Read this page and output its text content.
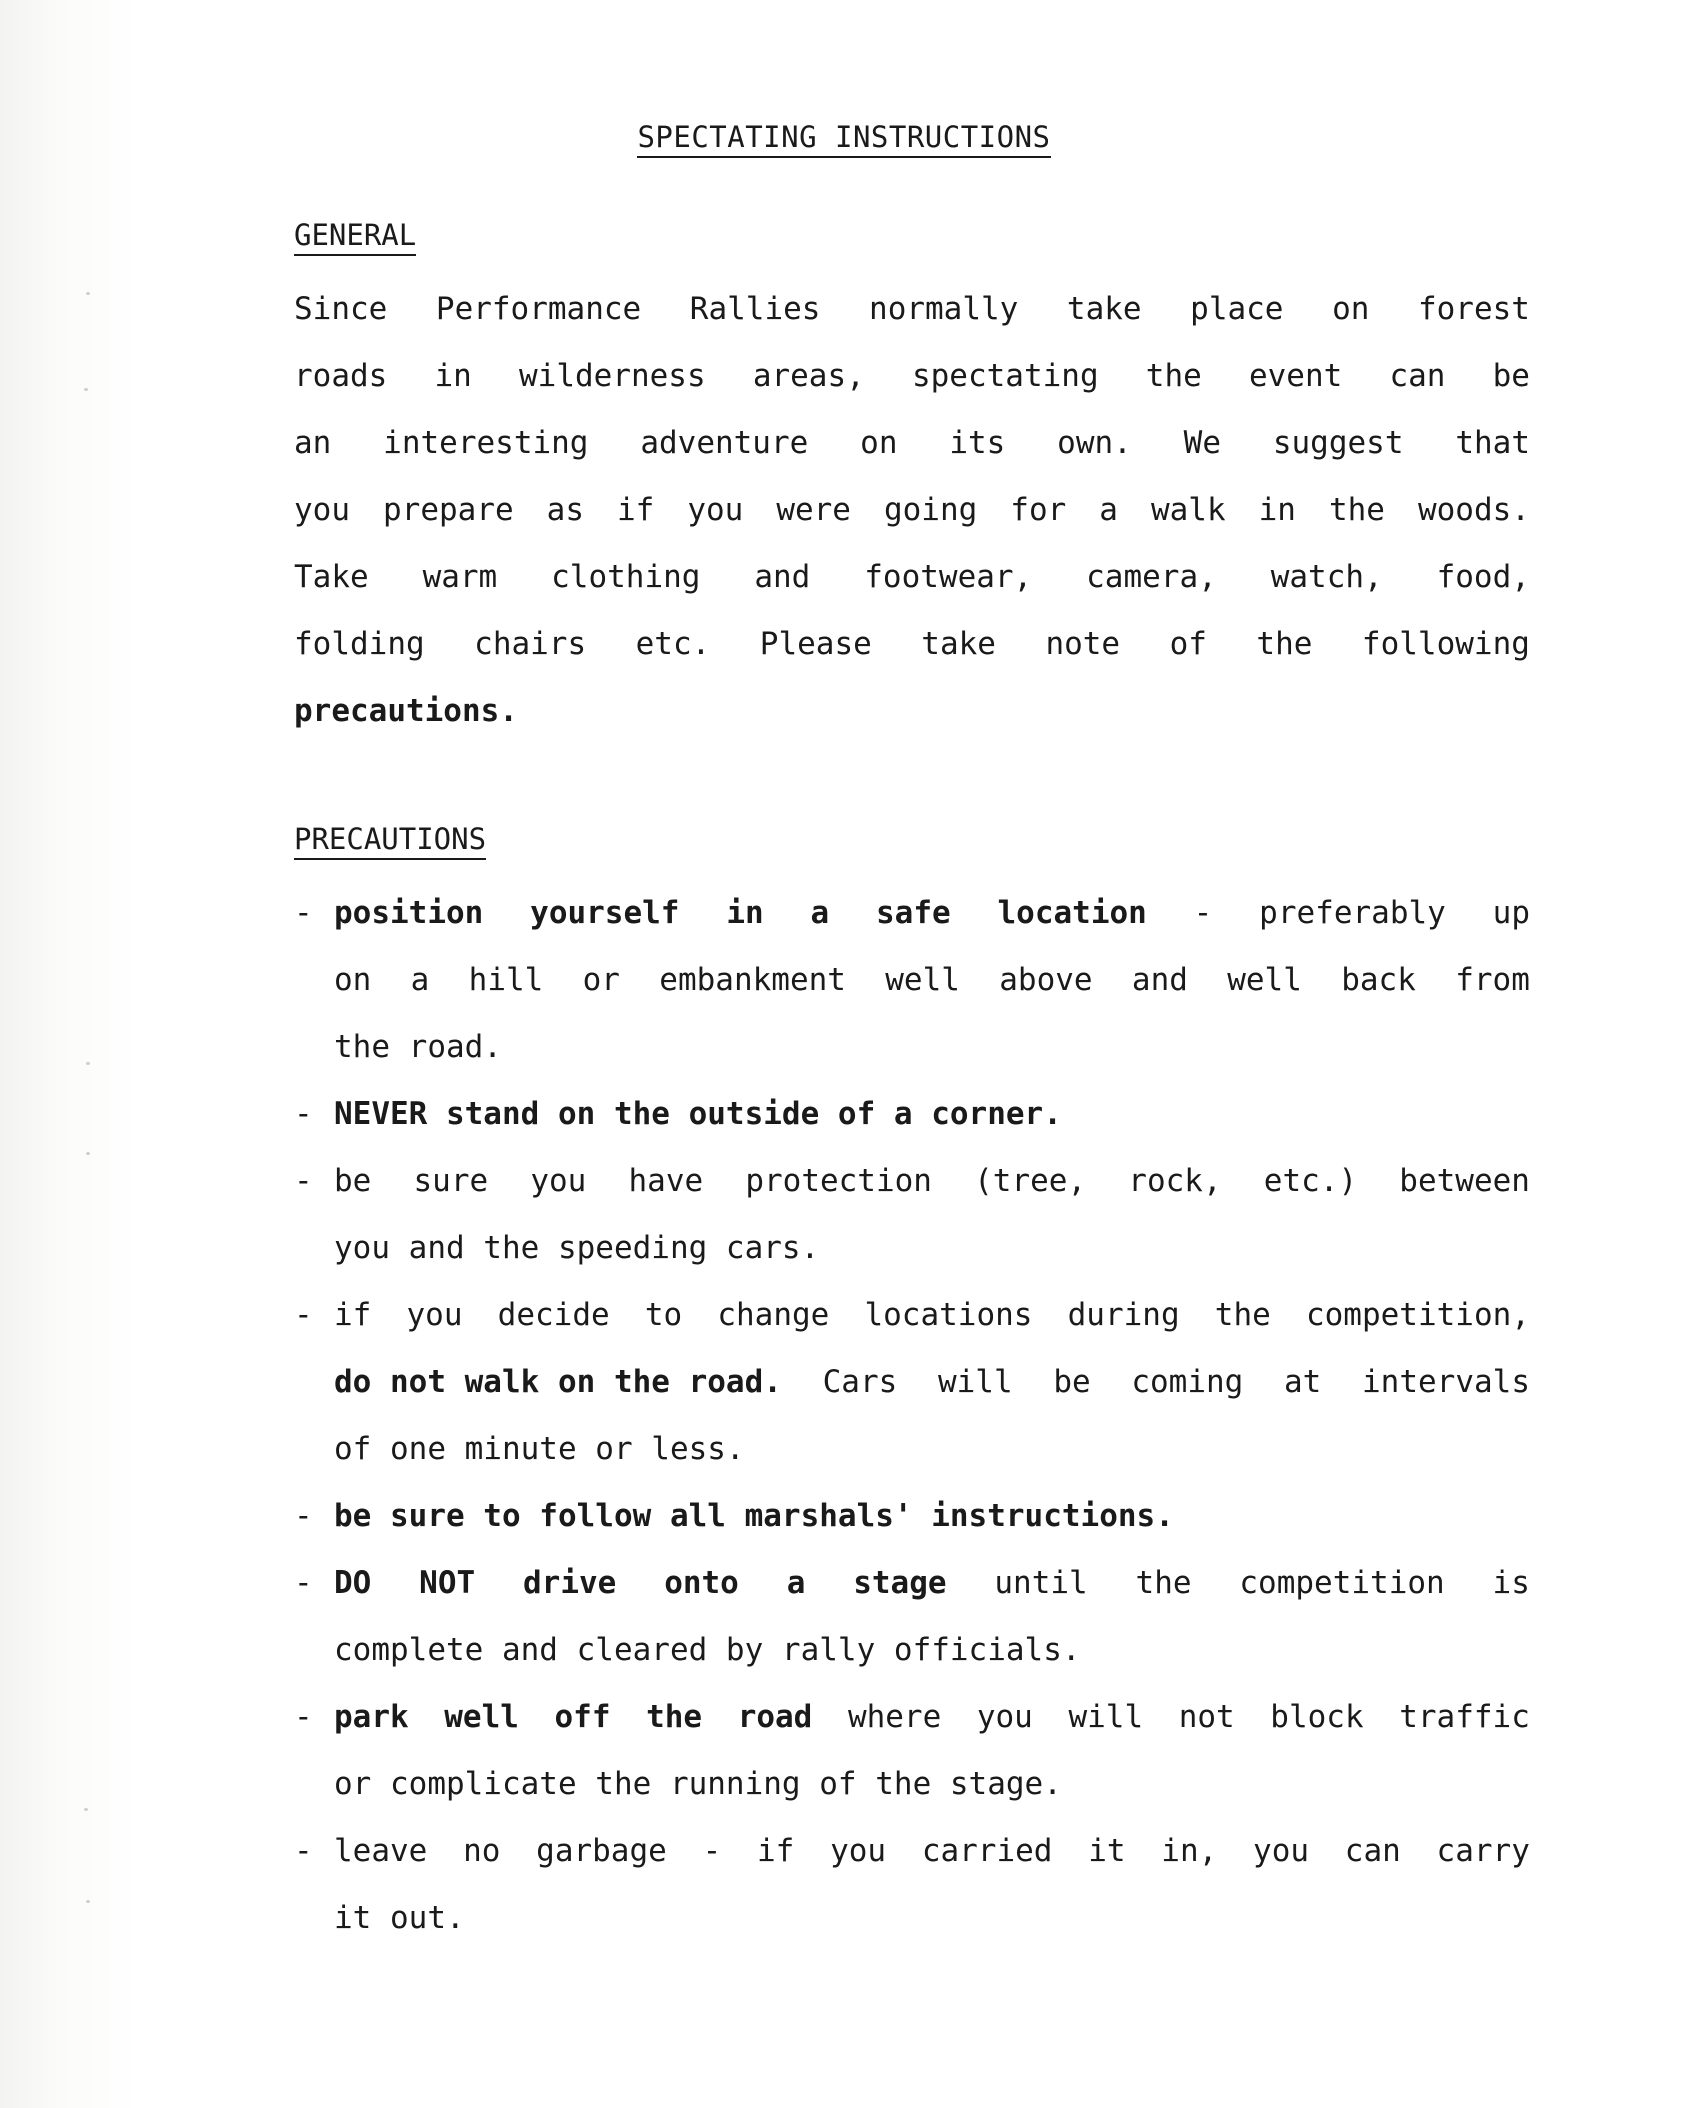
SPECTATING INSTRUCTIONS
GENERAL
Since Performance Rallies normally take place on forest
roads in wilderness areas, spectating the event can be
an interesting adventure on its own. We suggest that
you prepare as if you were going for a walk in the woods.
Take warm clothing and footwear, camera, watch, food,
folding chairs etc. Please take note of the following
precautions.
PRECAUTIONS
- position yourself in a safe location - preferably up
on a hill or embankment well above and well back from
the road.
- NEVER stand on the outside of a corner.
- be sure you have protection (tree, rock, etc.) between
you and the speeding cars.
- if you decide to change locations during the competition,
do not walk on the road. Cars will be coming at intervals
of one minute or less.
- be sure to follow all marshals' instructions.
- DO NOT drive onto a stage until the competition is
complete and cleared by rally officials.
- park well off the road where you will not block traffic
or complicate the running of the stage.
- leave no garbage - if you carried it in, you can carry
it out.
